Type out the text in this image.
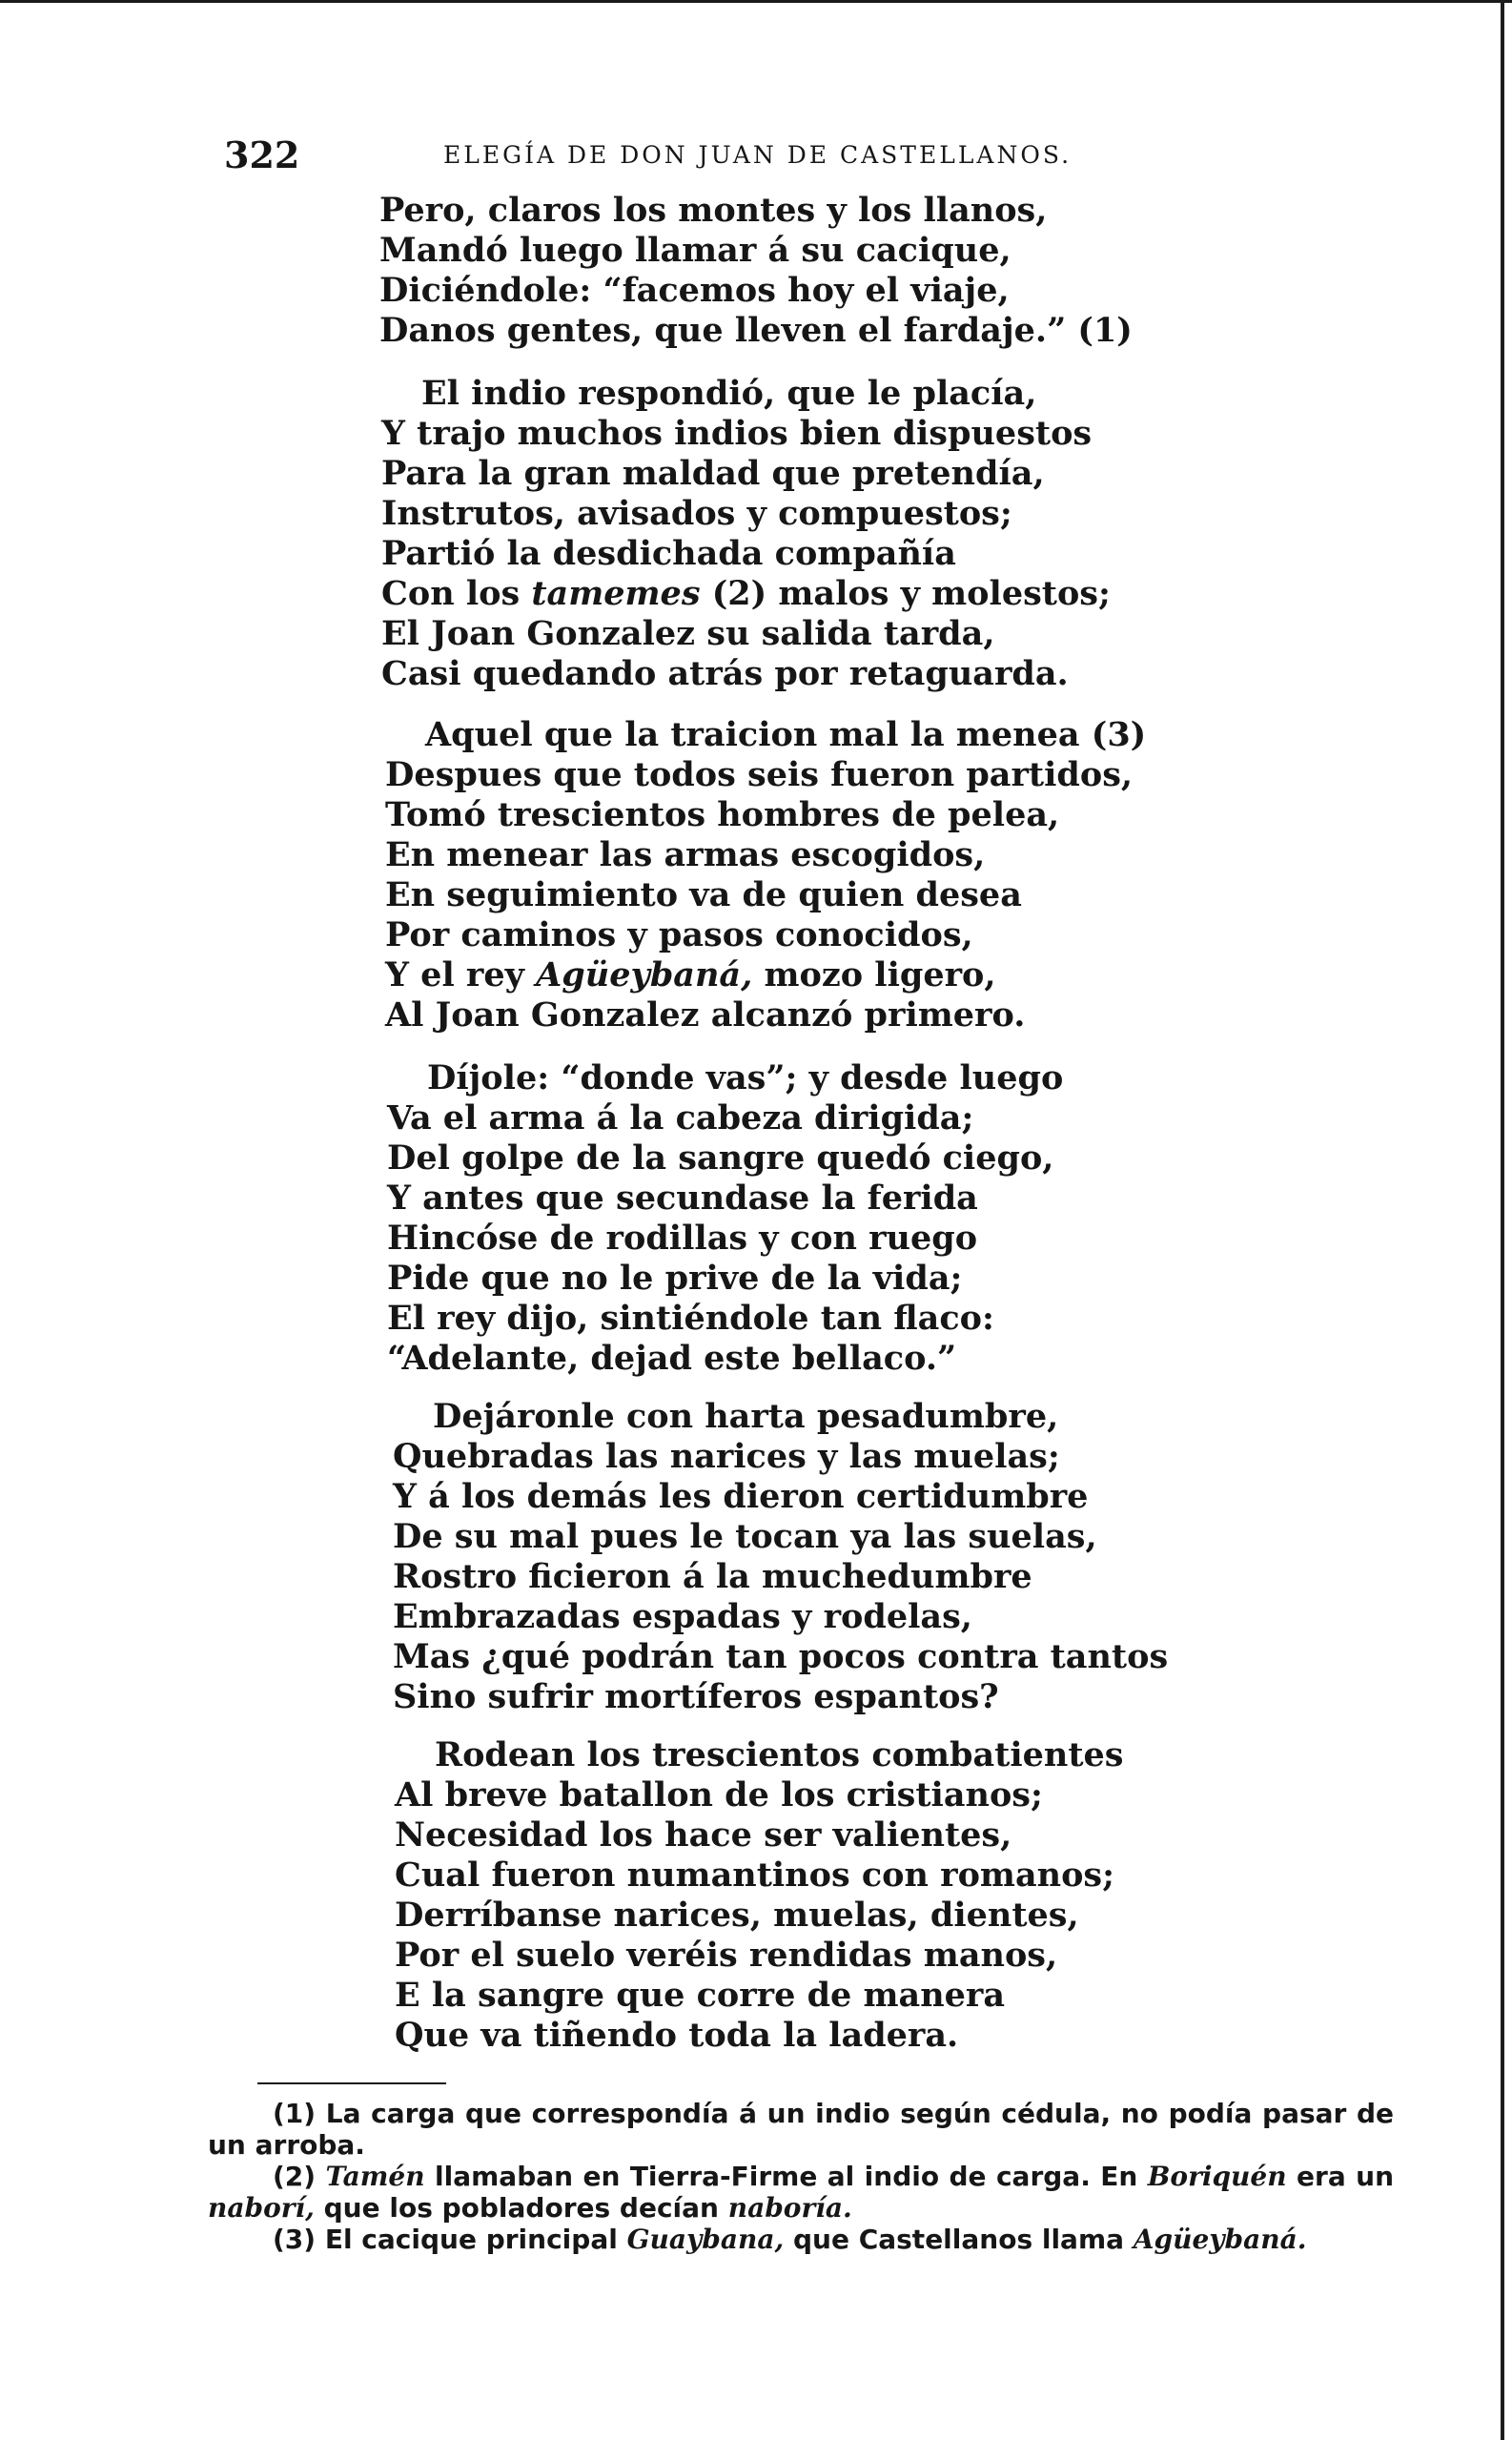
322	ELEGÍA DE DON JUAN DE CASTELLANOS.
Pero, claros los montes y los llanos,
Mandó luego llamar á su cacique,
Diciéndole: “facemos hoy el viaje,
Danos gentes, que lleven el fardaje.” (1)
El indio respondió, que le placía,
Y trajo muchos indios bien dispuestos
Para la gran maldad que pretendía,
Instrutos, avisados y compuestos;
Partió la desdichada compañía
Con los tamemes (2) malos y molestos;
El Joan Gonzalez su salida tarda,
Casi quedando atrás por retaguarda.
Aquel que la traicion mal la menea (3)
Despues que todos seis fueron partidos,
Tomó trescientos hombres de pelea,
En menear las armas escogidos,
En seguimiento va de quien desea
Por caminos y pasos conocidos,
Y el rey Agüeybaná, mozo ligero,
Al Joan Gonzalez alcanzó primero.
Díjole: “donde vas”; y desde luego
Va el arma á la cabeza dirigida;
Del golpe de la sangre quedó ciego,
Y antes que secundase la ferida
Hincóse de rodillas y con ruego
Pide que no le prive de la vida;
El rey dijo, sintiéndole tan flaco:
“Adelante, dejad este bellaco.”
Dejáronle con harta pesadumbre,
Quebradas las narices y las muelas;
Y á los demás les dieron certidumbre
De su mal pues le tocan ya las suelas,
Rostro ficieron á la muchedumbre
Embrazadas espadas y rodelas,
Mas ¿qué podrán tan pocos contra tantos
Sino sufrir mortíferos espantos?
Rodean los trescientos combatientes
Al breve batallon de los cristianos;
Necesidad los hace ser valientes,
Cual fueron numantinos con romanos;
Derríbanse narices, muelas, dientes,
Por el suelo veréis rendidas manos,
E la sangre que corre de manera
Que va tiñendo toda la ladera.

(1) La carga que correspondía á un indio según cédula, no podía pasar de un arroba.

(2) Tamén llamaban en Tierra-Firme al indio de carga. En Boriquén era un naborí, que los pobladores decían naboría.

(3) El cacique principal Guaybana, que Castellanos llama Agüeybaná.
